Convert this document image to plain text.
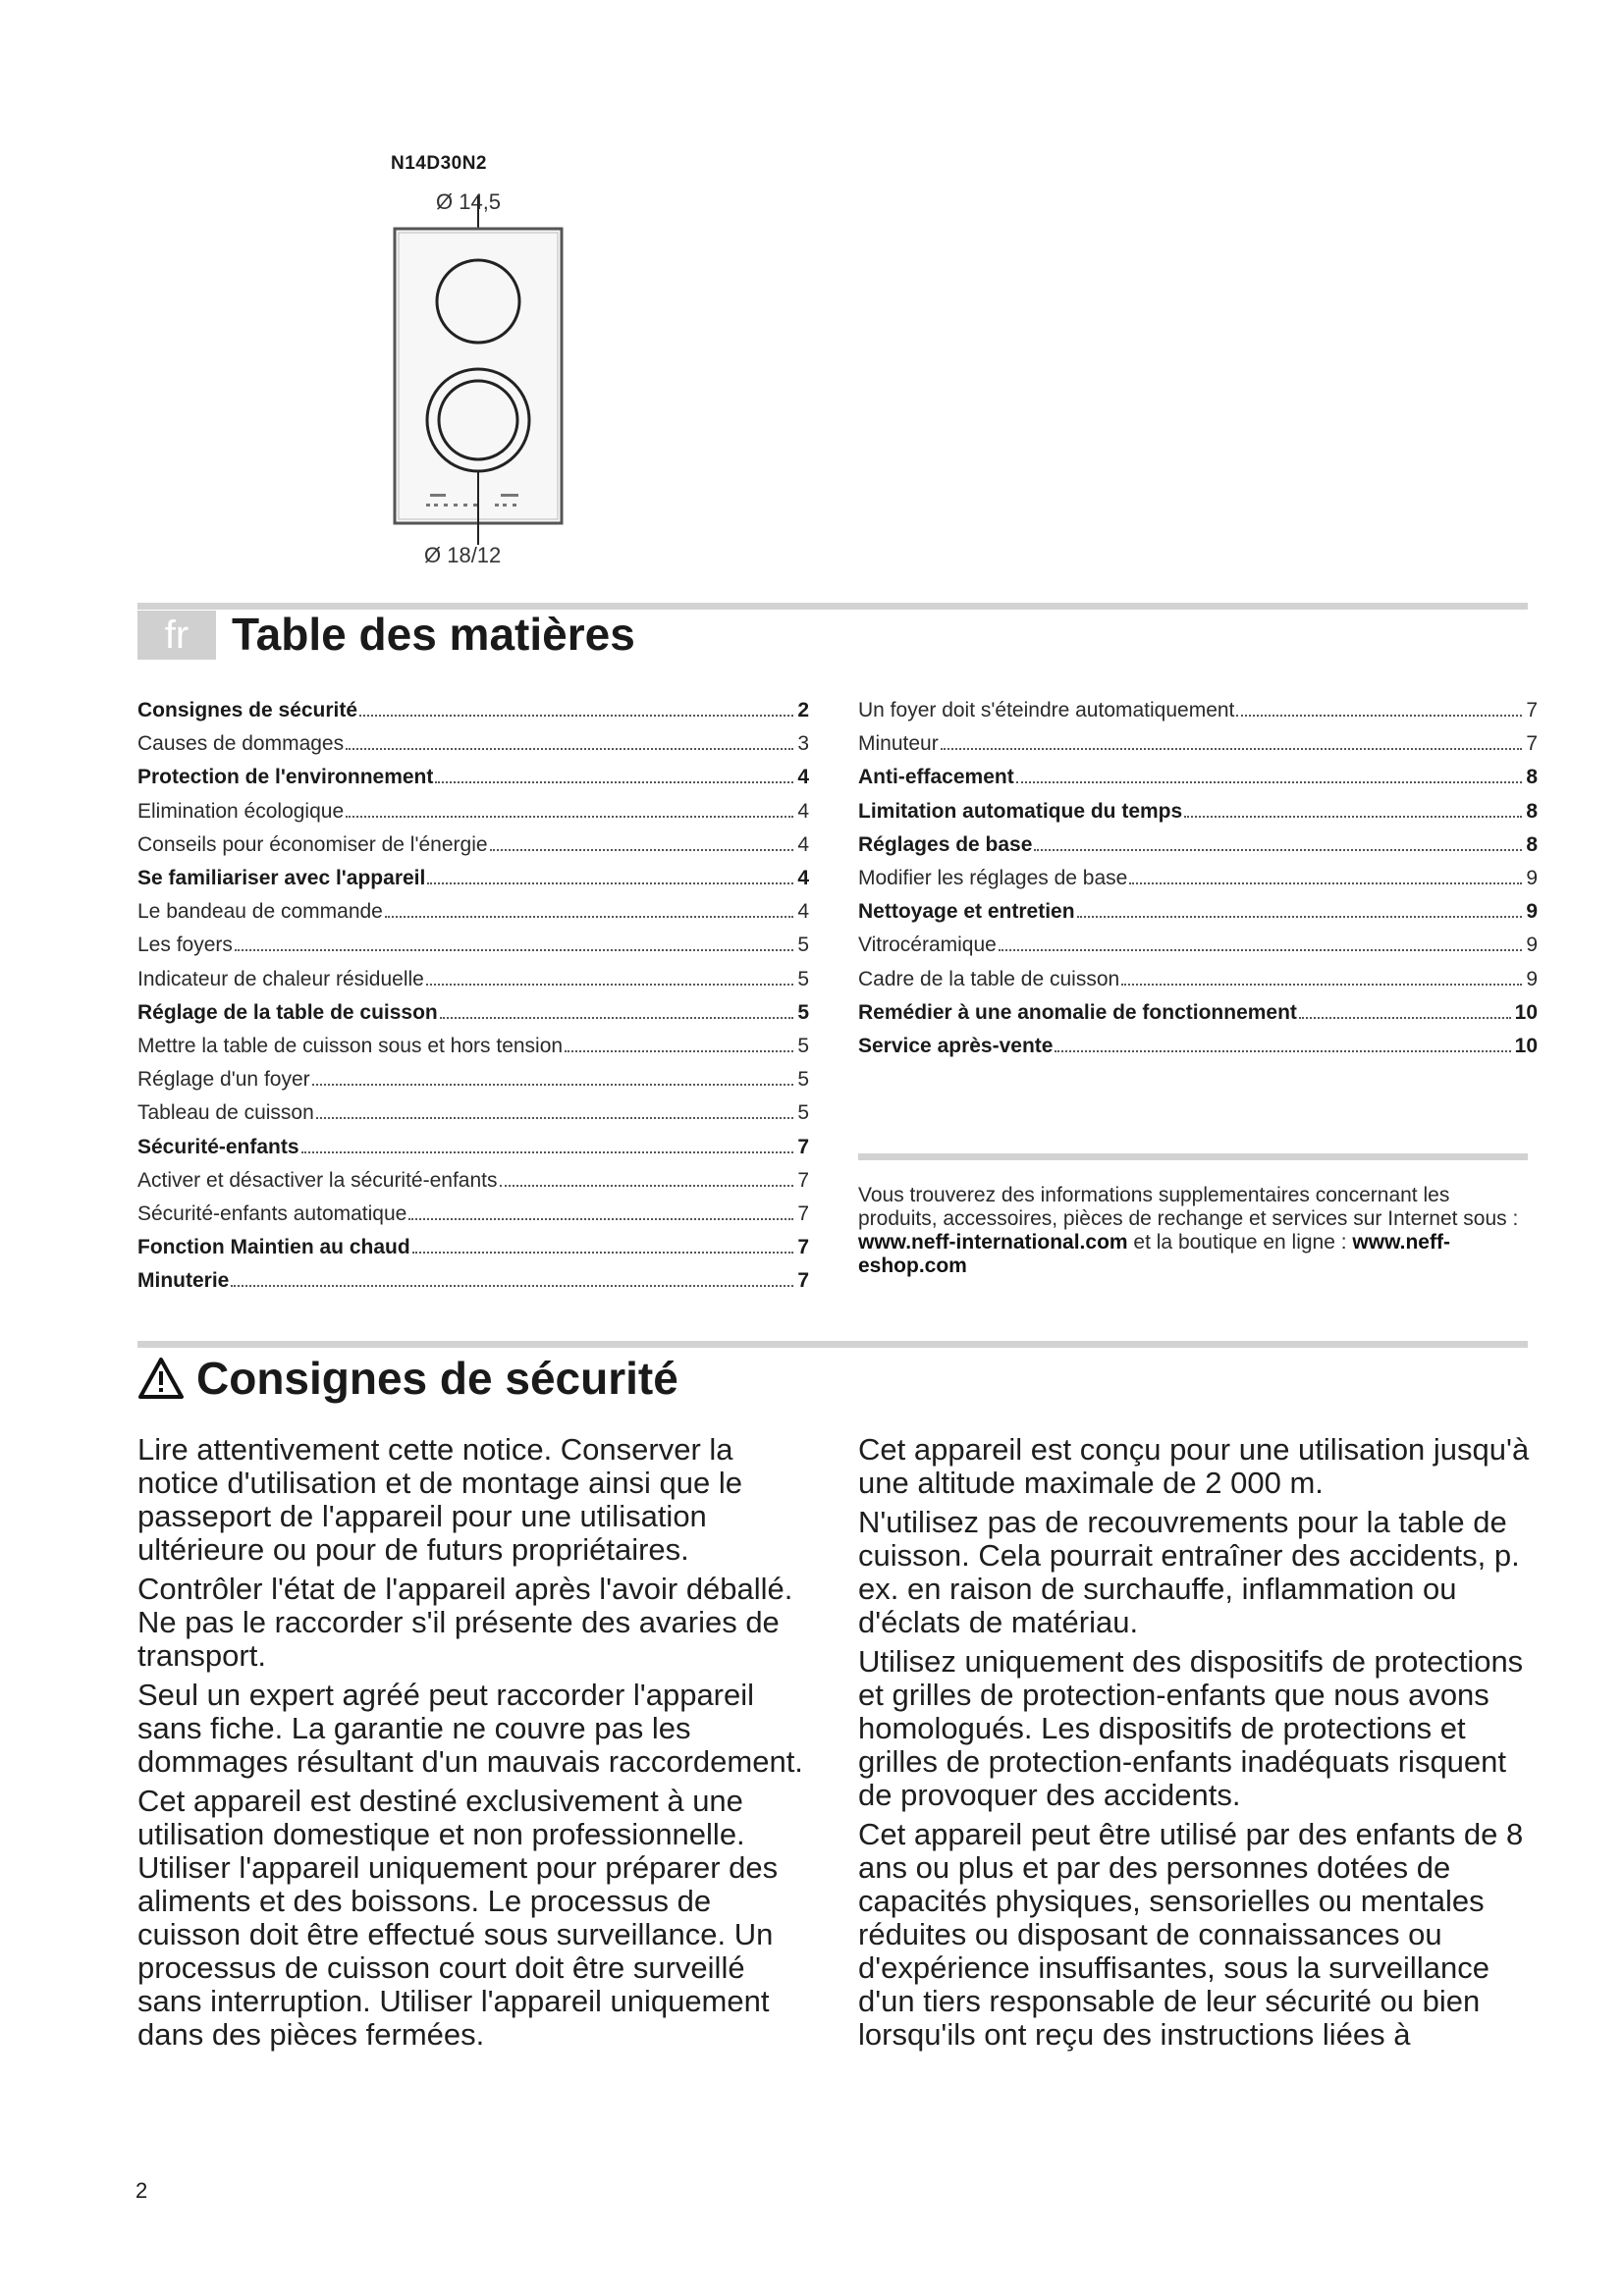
N14D30N2
Ø 14,5
Ø 18/12
fr Table des matières
Consignes de sécurité	2
Causes de dommages	3
Protection de l'environnement	4
Elimination écologique	4
Conseils pour économiser de l'énergie	4
Se familiariser avec l'appareil	4
Le bandeau de commande	4
Les foyers	5
Indicateur de chaleur résiduelle	5
Réglage de la table de cuisson	5
Mettre la table de cuisson sous et hors tension	5
Réglage d'un foyer	5
Tableau de cuisson	5
Sécurité-enfants	7
Activer et désactiver la sécurité-enfants	7
Sécurité-enfants automatique	7
Fonction Maintien au chaud	7
Minuterie	7
Un foyer doit s'éteindre automatiquement	7
Minuteur	7
Anti-effacement	8
Limitation automatique du temps	8
Réglages de base	8
Modifier les réglages de base	9
Nettoyage et entretien	9
Vitrocéramique	9
Cadre de la table de cuisson	9
Remédier à une anomalie de fonctionnement	10
Service après-vente	10
Vous trouverez des informations supplementaires concernant les produits, accessoires, pièces de rechange et services sur Internet sous : www.neff-international.com et la boutique en ligne : www.neff-eshop.com
Consignes de sécurité

Lire attentivement cette notice. Conserver la notice d'utilisation et de montage ainsi que le passeport de l'appareil pour une utilisation ultérieure ou pour de futurs propriétaires.

Contrôler l'état de l'appareil après l'avoir déballé. Ne pas le raccorder s'il présente des avaries de transport.

Seul un expert agréé peut raccorder l'appareil sans fiche. La garantie ne couvre pas les dommages résultant d'un mauvais raccordement.

Cet appareil est destiné exclusivement à une utilisation domestique et non professionnelle. Utiliser l'appareil uniquement pour préparer des aliments et des boissons. Le processus de cuisson doit être effectué sous surveillance. Un processus de cuisson court doit être surveillé sans interruption. Utiliser l'appareil uniquement dans des pièces fermées.

Cet appareil est conçu pour une utilisation jusqu'à une altitude maximale de 2 000 m.

N'utilisez pas de recouvrements pour la table de cuisson. Cela pourrait entraîner des accidents, p. ex. en raison de surchauffe, inflammation ou d'éclats de matériau.

Utilisez uniquement des dispositifs de protections et grilles de protection-enfants que nous avons homologués. Les dispositifs de protections et grilles de protection-enfants inadéquats risquent de provoquer des accidents.

Cet appareil peut être utilisé par des enfants de 8 ans ou plus et par des personnes dotées de capacités physiques, sensorielles ou mentales réduites ou disposant de connaissances ou d'expérience insuffisantes, sous la surveillance d'un tiers responsable de leur sécurité ou bien lorsqu'ils ont reçu des instructions liées à

2
